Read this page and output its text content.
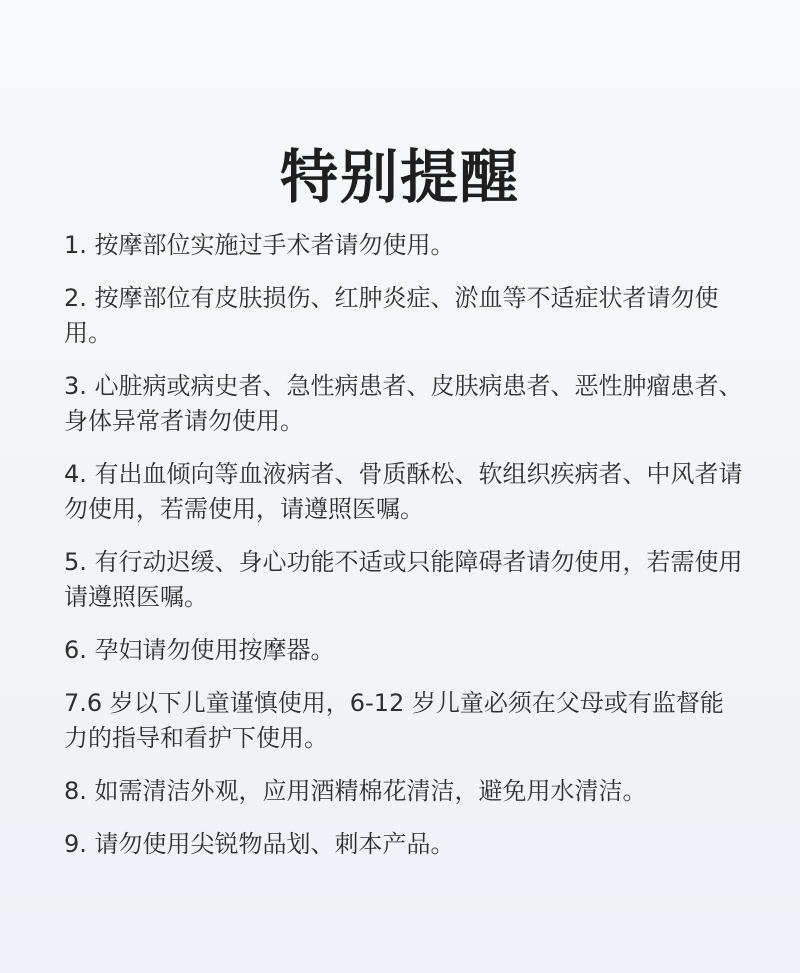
特别提醒
1. 按摩部位实施过手术者请勿使用。
2. 按摩部位有皮肤损伤、红肿炎症、淤血等不适症状者请勿使用。
3. 心脏病或病史者、急性病患者、皮肤病患者、恶性肿瘤患者、身体异常者请勿使用。
4. 有出血倾向等血液病者、骨质酥松、软组织疾病者、中风者请勿使用，若需使用，请遵照医嘱。
5. 有行动迟缓、身心功能不适或只能障碍者请勿使用，若需使用请遵照医嘱。
6. 孕妇请勿使用按摩器。
7.6 岁以下儿童谨慎使用，6-12 岁儿童必须在父母或有监督能力的指导和看护下使用。
8. 如需清洁外观，应用酒精棉花清洁，避免用水清洁。
9. 请勿使用尖锐物品划、刺本产品。
